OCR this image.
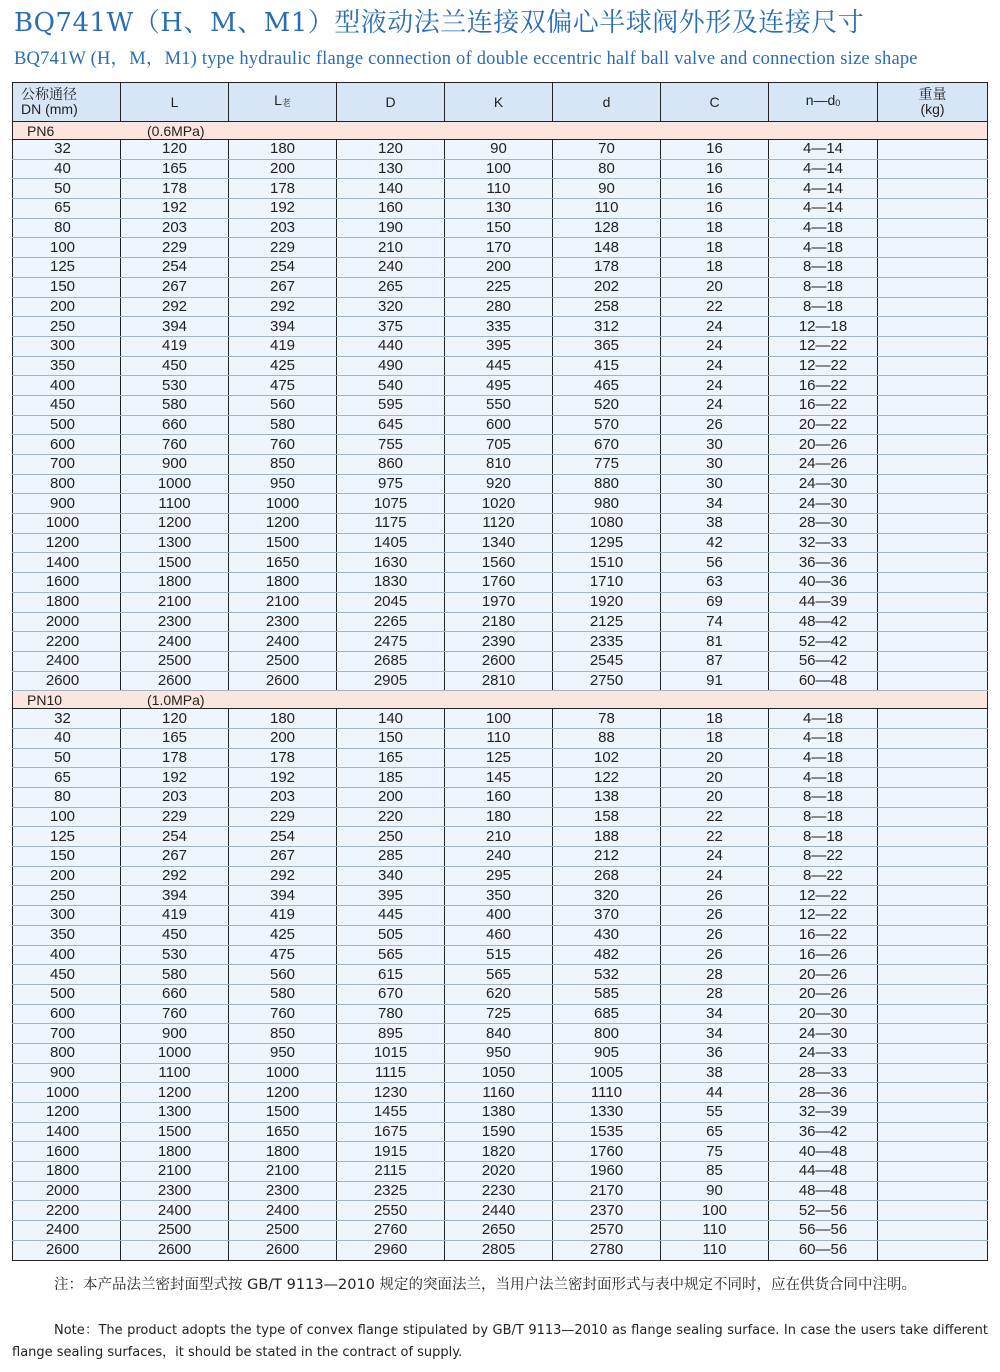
BQ741W（H、M、M1）型液动法兰连接双偏心半球阀外形及连接尺寸
BQ741W (H，M，M1) type hydraulic flange connection of double eccentric half ball valve and connection size shape
公称通径
DN (mm)	L	$L_老$	D	K	d	C	$n—d_0$	重量
(kg)
PN6 (0.6MPa)								
32	120	180	120	90	70	16	4—14	
40	165	200	130	100	80	16	4—14	
50	178	178	140	110	90	16	4—14	
65	192	192	160	130	110	16	4—14	
80	203	203	190	150	128	18	4—18	
100	229	229	210	170	148	18	4—18	
125	254	254	240	200	178	18	8—18	
150	267	267	265	225	202	20	8—18	
200	292	292	320	280	258	22	8—18	
250	394	394	375	335	312	24	12—18	
300	419	419	440	395	365	24	12—22	
350	450	425	490	445	415	24	12—22	
400	530	475	540	495	465	24	16—22	
450	580	560	595	550	520	24	16—22	
500	660	580	645	600	570	26	20—22	
600	760	760	755	705	670	30	20—26	
700	900	850	860	810	775	30	24—26	
800	1000	950	975	920	880	30	24—30	
900	1100	1000	1075	1020	980	34	24—30	
1000	1200	1200	1175	1120	1080	38	28—30	
1200	1300	1500	1405	1340	1295	42	32—33	
1400	1500	1650	1630	1560	1510	56	36—36	
1600	1800	1800	1830	1760	1710	63	40—36	
1800	2100	2100	2045	1970	1920	69	44—39	
2000	2300	2300	2265	2180	2125	74	48—42	
2200	2400	2400	2475	2390	2335	81	52—42	
2400	2500	2500	2685	2600	2545	87	56—42	
2600	2600	2600	2905	2810	2750	91	60—48	
PN10 (1.0MPa)								
32	120	180	140	100	78	18	4—18	
40	165	200	150	110	88	18	4—18	
50	178	178	165	125	102	20	4—18	
65	192	192	185	145	122	20	4—18	
80	203	203	200	160	138	20	8—18	
100	229	229	220	180	158	22	8—18	
125	254	254	250	210	188	22	8—18	
150	267	267	285	240	212	24	8—22	
200	292	292	340	295	268	24	8—22	
250	394	394	395	350	320	26	12—22	
300	419	419	445	400	370	26	12—22	
350	450	425	505	460	430	26	16—22	
400	530	475	565	515	482	26	16—26	
450	580	560	615	565	532	28	20—26	
500	660	580	670	620	585	28	20—26	
600	760	760	780	725	685	34	20—30	
700	900	850	895	840	800	34	24—30	
800	1000	950	1015	950	905	36	24—33	
900	1100	1000	1115	1050	1005	38	28—33	
1000	1200	1200	1230	1160	1110	44	28—36	
1200	1300	1500	1455	1380	1330	55	32—39	
1400	1500	1650	1675	1590	1535	65	36—42	
1600	1800	1800	1915	1820	1760	75	40—48	
1800	2100	2100	2115	2020	1960	85	44—48	
2000	2300	2300	2325	2230	2170	90	48—48	
2200	2400	2400	2550	2440	2370	100	52—56	
2400	2500	2500	2760	2650	2570	110	56—56	
2600	2600	2600	2960	2805	2780	110	60—56	
注：本产品法兰密封面型式按 GB/T 9113—2010 规定的突面法兰，当用户法兰密封面形式与表中规定不同时，应在供货合同中注明。
Note：The product adopts the type of convex flange stipulated by GB/T 9113—2010 as flange sealing surface. In case the users take different flange sealing surfaces，it should be stated in the contract of supply.
